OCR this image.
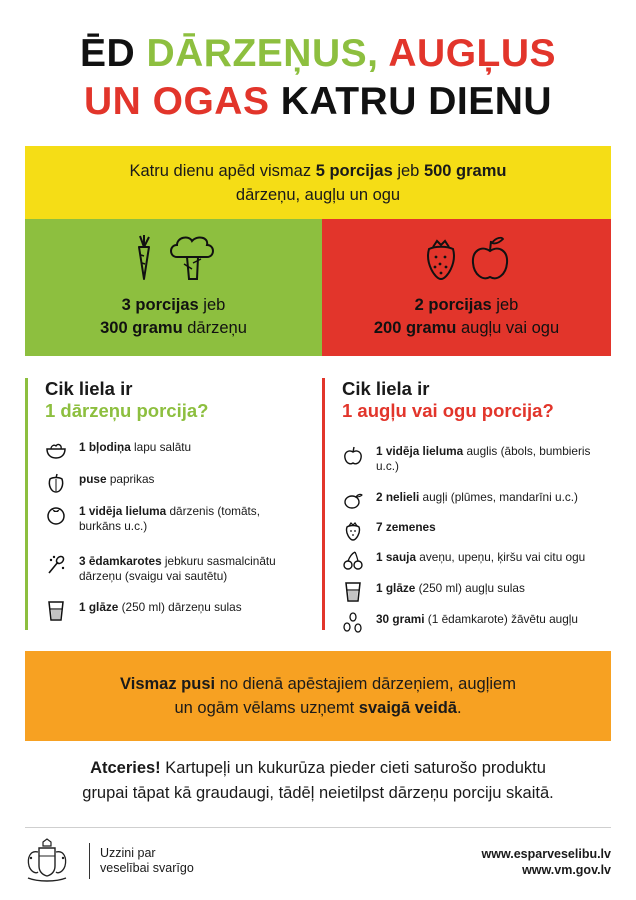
ĒD DĀRZEŅUS, AUGĻUS
UN OGAS KATRU DIENU
Katru dienu apēd vismaz 5 porcijas jeb 500 gramu
dārzeņu, augļu un ogu
3 porcijas jeb
300 gramu dārzeņu
2 porcijas jeb
200 gramu augļu vai ogu
Cik liela ir
1 dārzeņu porcija?
1 bļodiņa lapu salātu
puse paprikas
1 vidēja lieluma dārzenis (tomāts, burkāns u.c.)
3 ēdamkarotes jebkuru sasmalcinātu dārzeņu (svaigu vai sautētu)
1 glāze (250 ml) dārzeņu sulas
Cik liela ir
1 augļu vai ogu porcija?
1 vidēja lieluma auglis (ābols, bumbieris u.c.)
2 nelieli augļi (plūmes, mandarīni u.c.)
7 zemenes
1 sauja aveņu, upeņu, ķiršu vai citu ogu
1 glāze (250 ml) augļu sulas
30 grami (1 ēdamkarote) žāvētu augļu
Vismaz pusi no dienā apēstajiem dārzeņiem, augļiem
un ogām vēlams uzņemt svaigā veidā.
Atceries! Kartupeļi un kukurūza pieder cieti saturošo produktu
grupai tāpat kā graudaugi, tādēļ neietilpst dārzeņu porciju skaitā.
Uzzini par
veselībai svarīgo
www.esparveselibu.lv
www.vm.gov.lv
